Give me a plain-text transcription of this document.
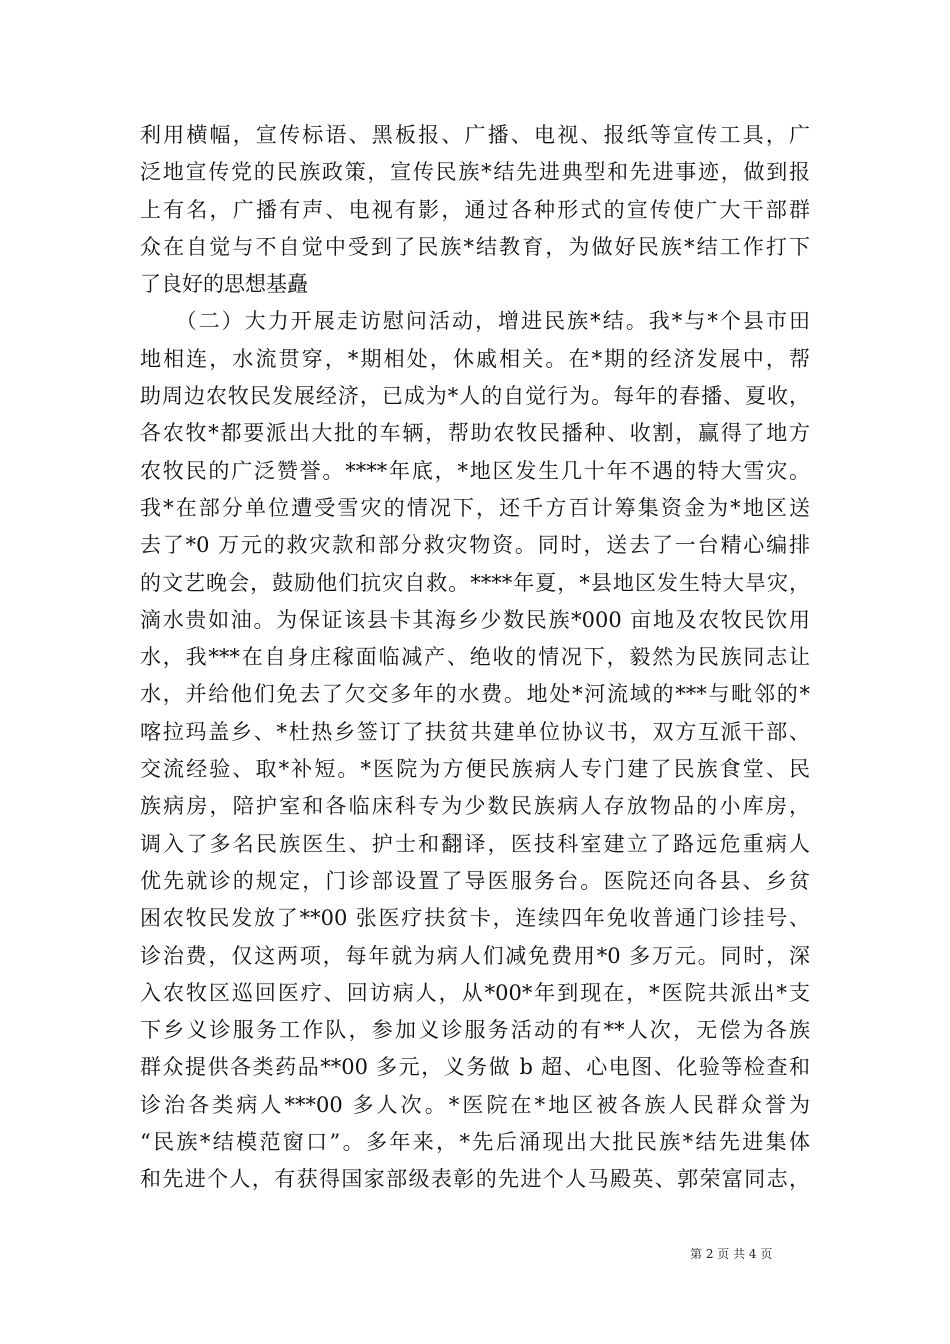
利用横幅，宣传标语、黑板报、广播、电视、报纸等宣传工具，广
泛地宣传党的民族政策，宣传民族*结先进典型和先进事迹，做到报
上有名，广播有声、电视有影，通过各种形式的宣传使广大干部群
众在自觉与不自觉中受到了民族*结教育，为做好民族*结工作打下
了良好的思想基矗
　　（二）大力开展走访慰问活动，增进民族*结。我*与*个县市田
地相连，水流贯穿，*期相处，休戚相关。在*期的经济发展中，帮
助周边农牧民发展经济，已成为*人的自觉行为。每年的春播、夏收，
各农牧*都要派出大批的车辆，帮助农牧民播种、收割，赢得了地方
农牧民的广泛赞誉。****年底，*地区发生几十年不遇的特大雪灾。
我*在部分单位遭受雪灾的情况下，还千方百计筹集资金为*地区送
去了*0 万元的救灾款和部分救灾物资。同时，送去了一台精心编排
的文艺晚会，鼓励他们抗灾自救。****年夏，*县地区发生特大旱灾，
滴水贵如油。为保证该县卡其海乡少数民族*000 亩地及农牧民饮用
水，我***在自身庄稼面临减产、绝收的情况下，毅然为民族同志让
水，并给他们免去了欠交多年的水费。地处*河流域的***与毗邻的*
喀拉玛盖乡、*杜热乡签订了扶贫共建单位协议书，双方互派干部、
交流经验、取*补短。*医院为方便民族病人专门建了民族食堂、民
族病房，陪护室和各临床科专为少数民族病人存放物品的小库房，
调入了多名民族医生、护士和翻译，医技科室建立了路远危重病人
优先就诊的规定，门诊部设置了导医服务台。医院还向各县、乡贫
困农牧民发放了**00 张医疗扶贫卡，连续四年免收普通门诊挂号、
诊治费，仅这两项，每年就为病人们减免费用*0 多万元。同时，深
入农牧区巡回医疗、回访病人，从*00*年到现在，*医院共派出*支
下乡义诊服务工作队，参加义诊服务活动的有**人次，无偿为各族
群众提供各类药品**00 多元，义务做 b 超、心电图、化验等检查和
诊治各类病人***00 多人次。*医院在*地区被各族人民群众誉为
“民族*结模范窗口”。多年来，*先后涌现出大批民族*结先进集体
和先进个人，有获得国家部级表彰的先进个人马殿英、郭荣富同志，
第 2 页 共 4 页
